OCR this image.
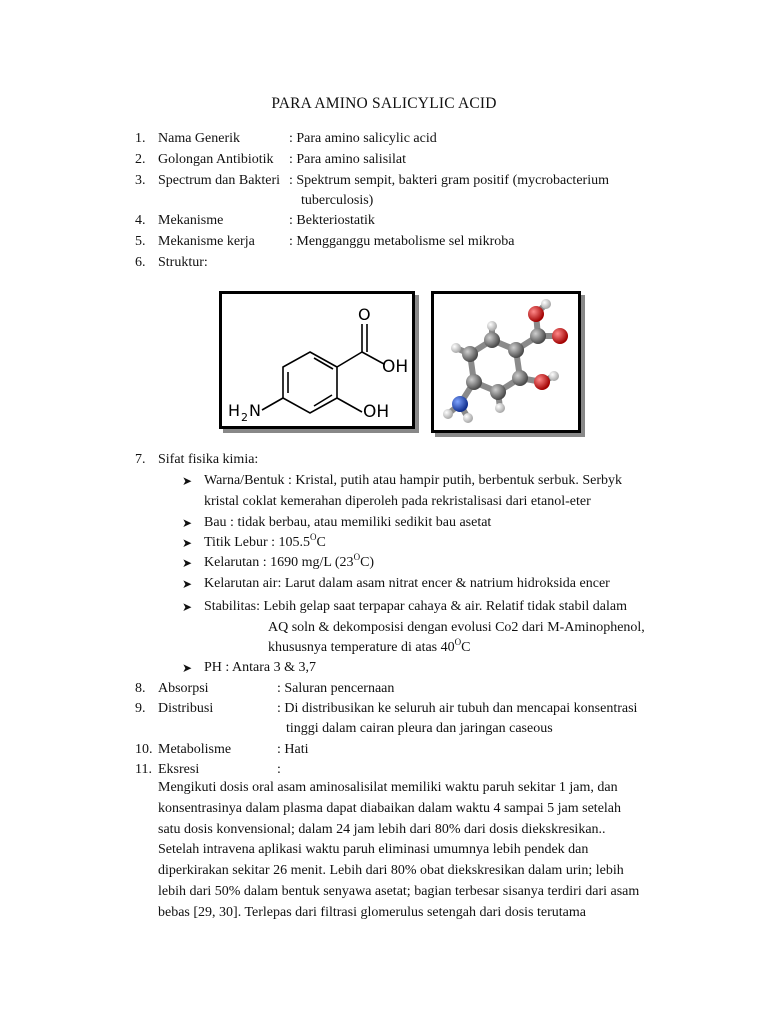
PARA AMINO SALICYLIC ACID
1. Nama Generik	: Para amino salicylic acid
2. Golongan Antibiotik : Para amino salisilat
3. Spectrum dan Bakteri : Spektrum sempit, bakteri gram positif (mycrobacterium
tuberculosis)
4. Mekanisme	: Bekteriostatik
5. Mekanisme kerja : Mengganggu metabolisme sel mikroba
6. Struktur:
O
OH
OH
H 2 N
7. Sifat fisika kimia:
➤ Warna/Bentuk : Kristal, putih atau hampir putih, berbentuk serbuk. Serbyk
kristal coklat kemerahan diperoleh pada rekristalisasi dari etanol-eter
➤ Bau : tidak berbau, atau memiliki sedikit bau asetat
➤ Titik Lebur : $105.5^OC$
➤ Kelarutan : 1690 mg/L $(23^OC)$
➤ Kelarutan air: Larut dalam asam nitrat encer & natrium hidroksida encer
➤ Stabilitas: Lebih gelap saat terpapar cahaya & air. Relatif tidak stabil dalam
AQ soln & dekomposisi dengan evolusi Co2 dari M-Aminophenol,
khususnya temperature di atas $40^OC$
➤ PH : Antara 3 & 3,7
8. Absorpsi	: Saluran pencernaan
9. Distribusi	: Di distribusikan ke seluruh air tubuh dan mencapai konsentrasi
tinggi dalam cairan pleura dan jaringan caseous
10. Metabolisme	: Hati
11. Eksresi	:
Mengikuti dosis oral asam aminosalisilat memiliki waktu paruh sekitar 1 jam, dan
konsentrasinya dalam plasma dapat diabaikan dalam waktu 4 sampai 5 jam setelah
satu dosis konvensional; dalam 24 jam lebih dari 80% dari dosis diekskresikan..
Setelah intravena aplikasi waktu paruh eliminasi umumnya lebih pendek dan
diperkirakan sekitar 26 menit. Lebih dari 80% obat diekskresikan dalam urin; lebih
lebih dari 50% dalam bentuk senyawa asetat; bagian terbesar sisanya terdiri dari asam
bebas [29, 30]. Terlepas dari filtrasi glomerulus setengah dari dosis terutama
